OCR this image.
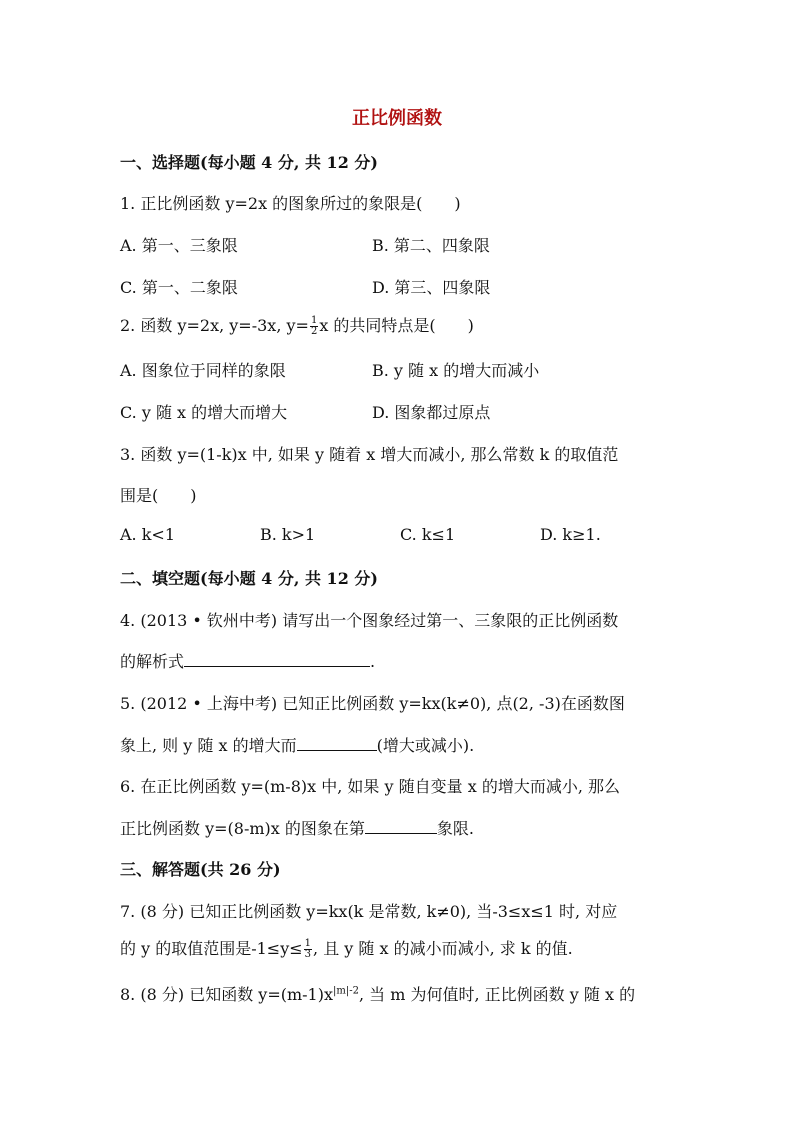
正比例函数
一、选择题(每小题 4 分, 共 12 分)
1. 正比例函数 y=2x 的图象所过的象限是(　　)
A. 第一、三象限	B. 第二、四象限
C. 第一、二象限	D. 第三、四象限
2. 函数 y=2x, y=-3x, $y= \frac{1}{2}$ x 的共同特点是(　　)
A. 图象位于同样的象限	B. y 随 x 的增大而减小
C. y 随 x 的增大而增大	D. 图象都过原点
3. 函数 y=(1-k)x 中, 如果 y 随着 x 增大而减小, 那么常数 k 的取值范
围是(　　)
A. k<1	B. k>1	C. k≤1	D. k≥1.
二、填空题(每小题 4 分, 共 12 分)
4. (2013 • 钦州中考) 请写出一个图象经过第一、三象限的正比例函数
的解析式	.
5. (2012 • 上海中考) 已知正比例函数 y=kx(k≠0), 点(2, -3)在函数图
象上, 则 y 随 x 的增大而	(增大或减小).
6. 在正比例函数 y=(m-8)x 中, 如果 y 随自变量 x 的增大而减小, 那么
正比例函数 y=(8-m)x 的图象在第	象限.
三、解答题(共 26 分)
7. (8 分) 已知正比例函数 y=kx(k 是常数, k≠0), 当-3≤x≤1 时, 对应
的 y 的取值范围是$-1\le y\le \frac{1}{3}$ , 且 y 随 x 的减小而减小, 求 k 的值.
8. (8 分) 已知函数 $y=(m-1)x^{|m|-2}$, 当 m 为何值时, 正比例函数 y 随 x 的
